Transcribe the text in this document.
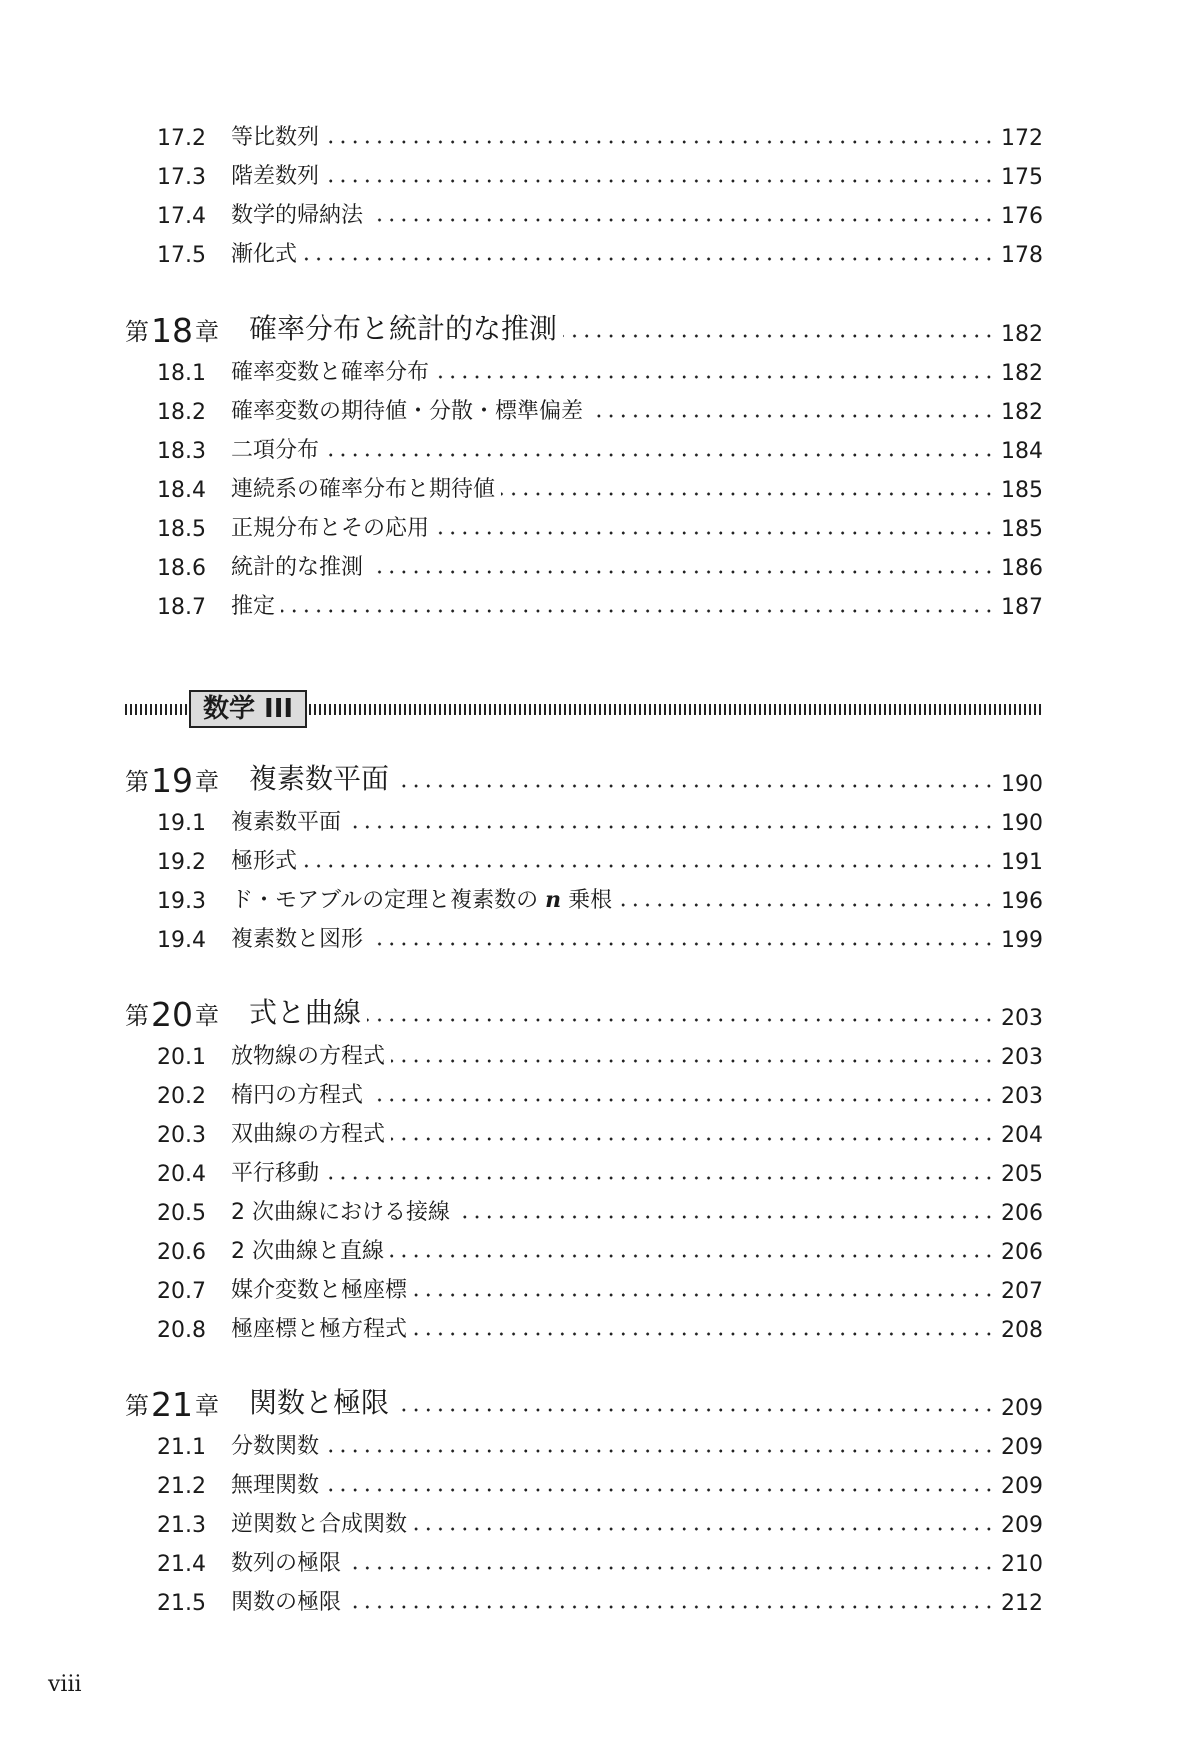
17.2	等比数列	172
17.3	階差数列	175
17.4	数学的帰納法	176
17.5	漸化式	178
第 18 章 確率分布と統計的な推測	182
18.1	確率変数と確率分布	182
18.2	確率変数の期待値・分散・標準偏差	182
18.3	二項分布	184
18.4	連続系の確率分布と期待値	185
18.5	正規分布とその応用	185
18.6	統計的な推測	186
18.7	推定	187
数学 III
第 19 章 複素数平面	190
19.1	複素数平面	190
19.2	極形式	191
19.3	ド・モアブルの定理と複素数の n 乗根	196
19.4	複素数と図形	199
第 20 章 式と曲線	203
20.1	放物線の方程式	203
20.2	楕円の方程式	203
20.3	双曲線の方程式	204
20.4	平行移動	205
20.5	2 次曲線における接線	206
20.6	2 次曲線と直線	206
20.7	媒介変数と極座標	207
20.8	極座標と極方程式	208
第 21 章 関数と極限	209
21.1	分数関数	209
21.2	無理関数	209
21.3	逆関数と合成関数	209
21.4	数列の極限	210
21.5	関数の極限	212
viii
